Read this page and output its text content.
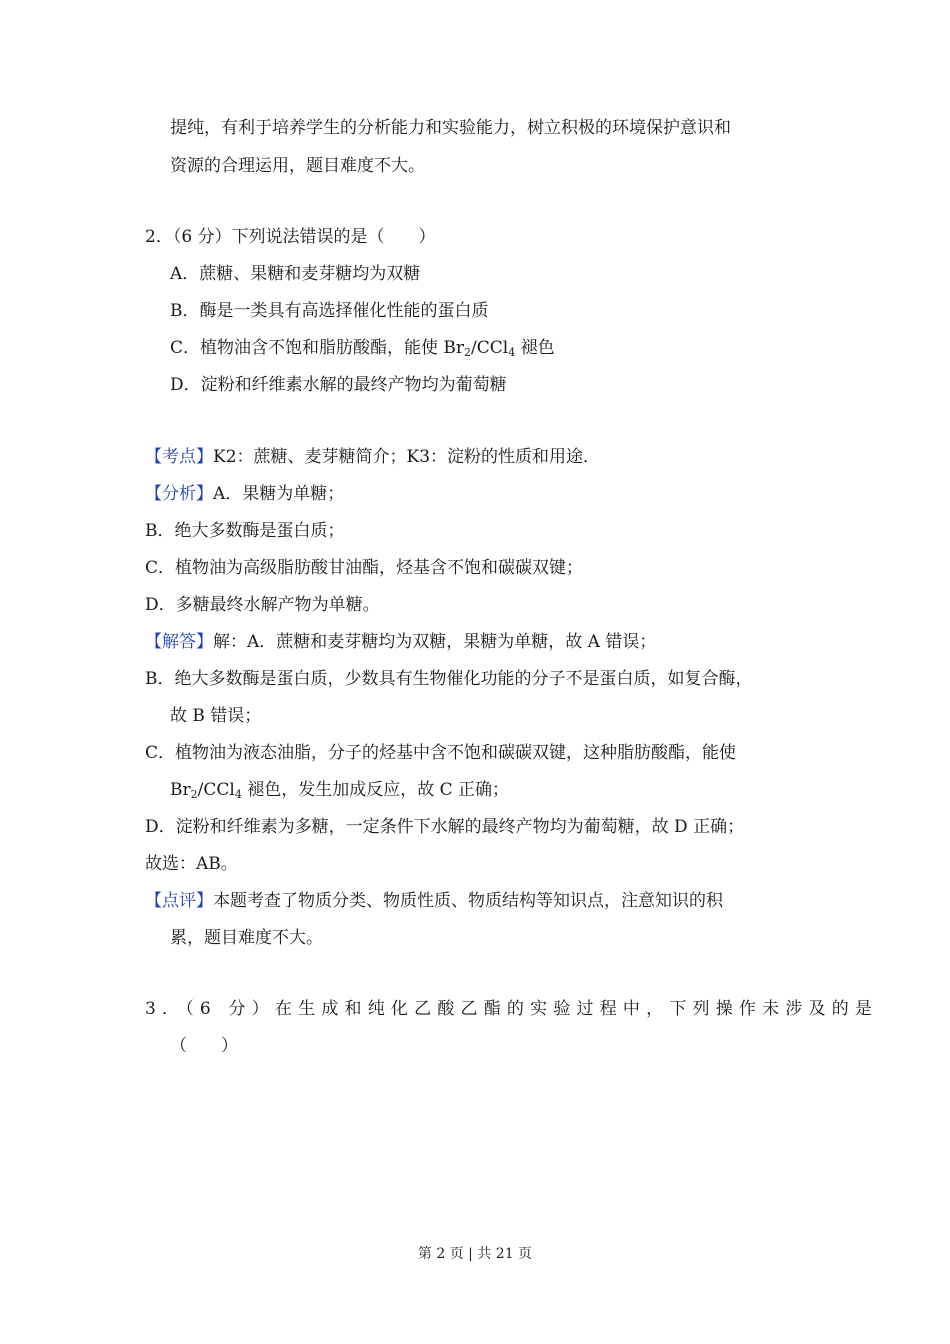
提纯，有利于培养学生的分析能力和实验能力，树立积极的环境保护意识和
资源的合理运用，题目难度不大。
2．（6 分）下列说法错误的是（　　）
A．蔗糖、果糖和麦芽糖均为双糖
B．酶是一类具有高选择催化性能的蛋白质
C．植物油含不饱和脂肪酸酯，能使 $Br_2/CCl_4$ 褪色
D．淀粉和纤维素水解的最终产物均为葡萄糖
【考点】K2：蔗糖、麦芽糖简介；K3：淀粉的性质和用途．
【分析】A．果糖为单糖；
B．绝大多数酶是蛋白质；
C．植物油为高级脂肪酸甘油酯，烃基含不饱和碳碳双键；
D．多糖最终水解产物为单糖。
【解答】解：A．蔗糖和麦芽糖均为双糖，果糖为单糖，故 A 错误；
B．绝大多数酶是蛋白质，少数具有生物催化功能的分子不是蛋白质，如复合酶，
故 B 错误；
C．植物油为液态油脂，分子的烃基中含不饱和碳碳双键，这种脂肪酸酯，能使
$Br_2/CCl_4$ 褪色，发生加成反应，故 C 正确；
D．淀粉和纤维素为多糖，一定条件下水解的最终产物均为葡萄糖，故 D 正确；
故选：AB。
【点评】本题考查了物质分类、物质性质、物质结构等知识点，注意知识的积
累，题目难度不大。
3．（6 分）在生成和纯化乙酸乙酯的实验过程中，下列操作未涉及的是
（　　）
第 2 页 | 共 21 页
